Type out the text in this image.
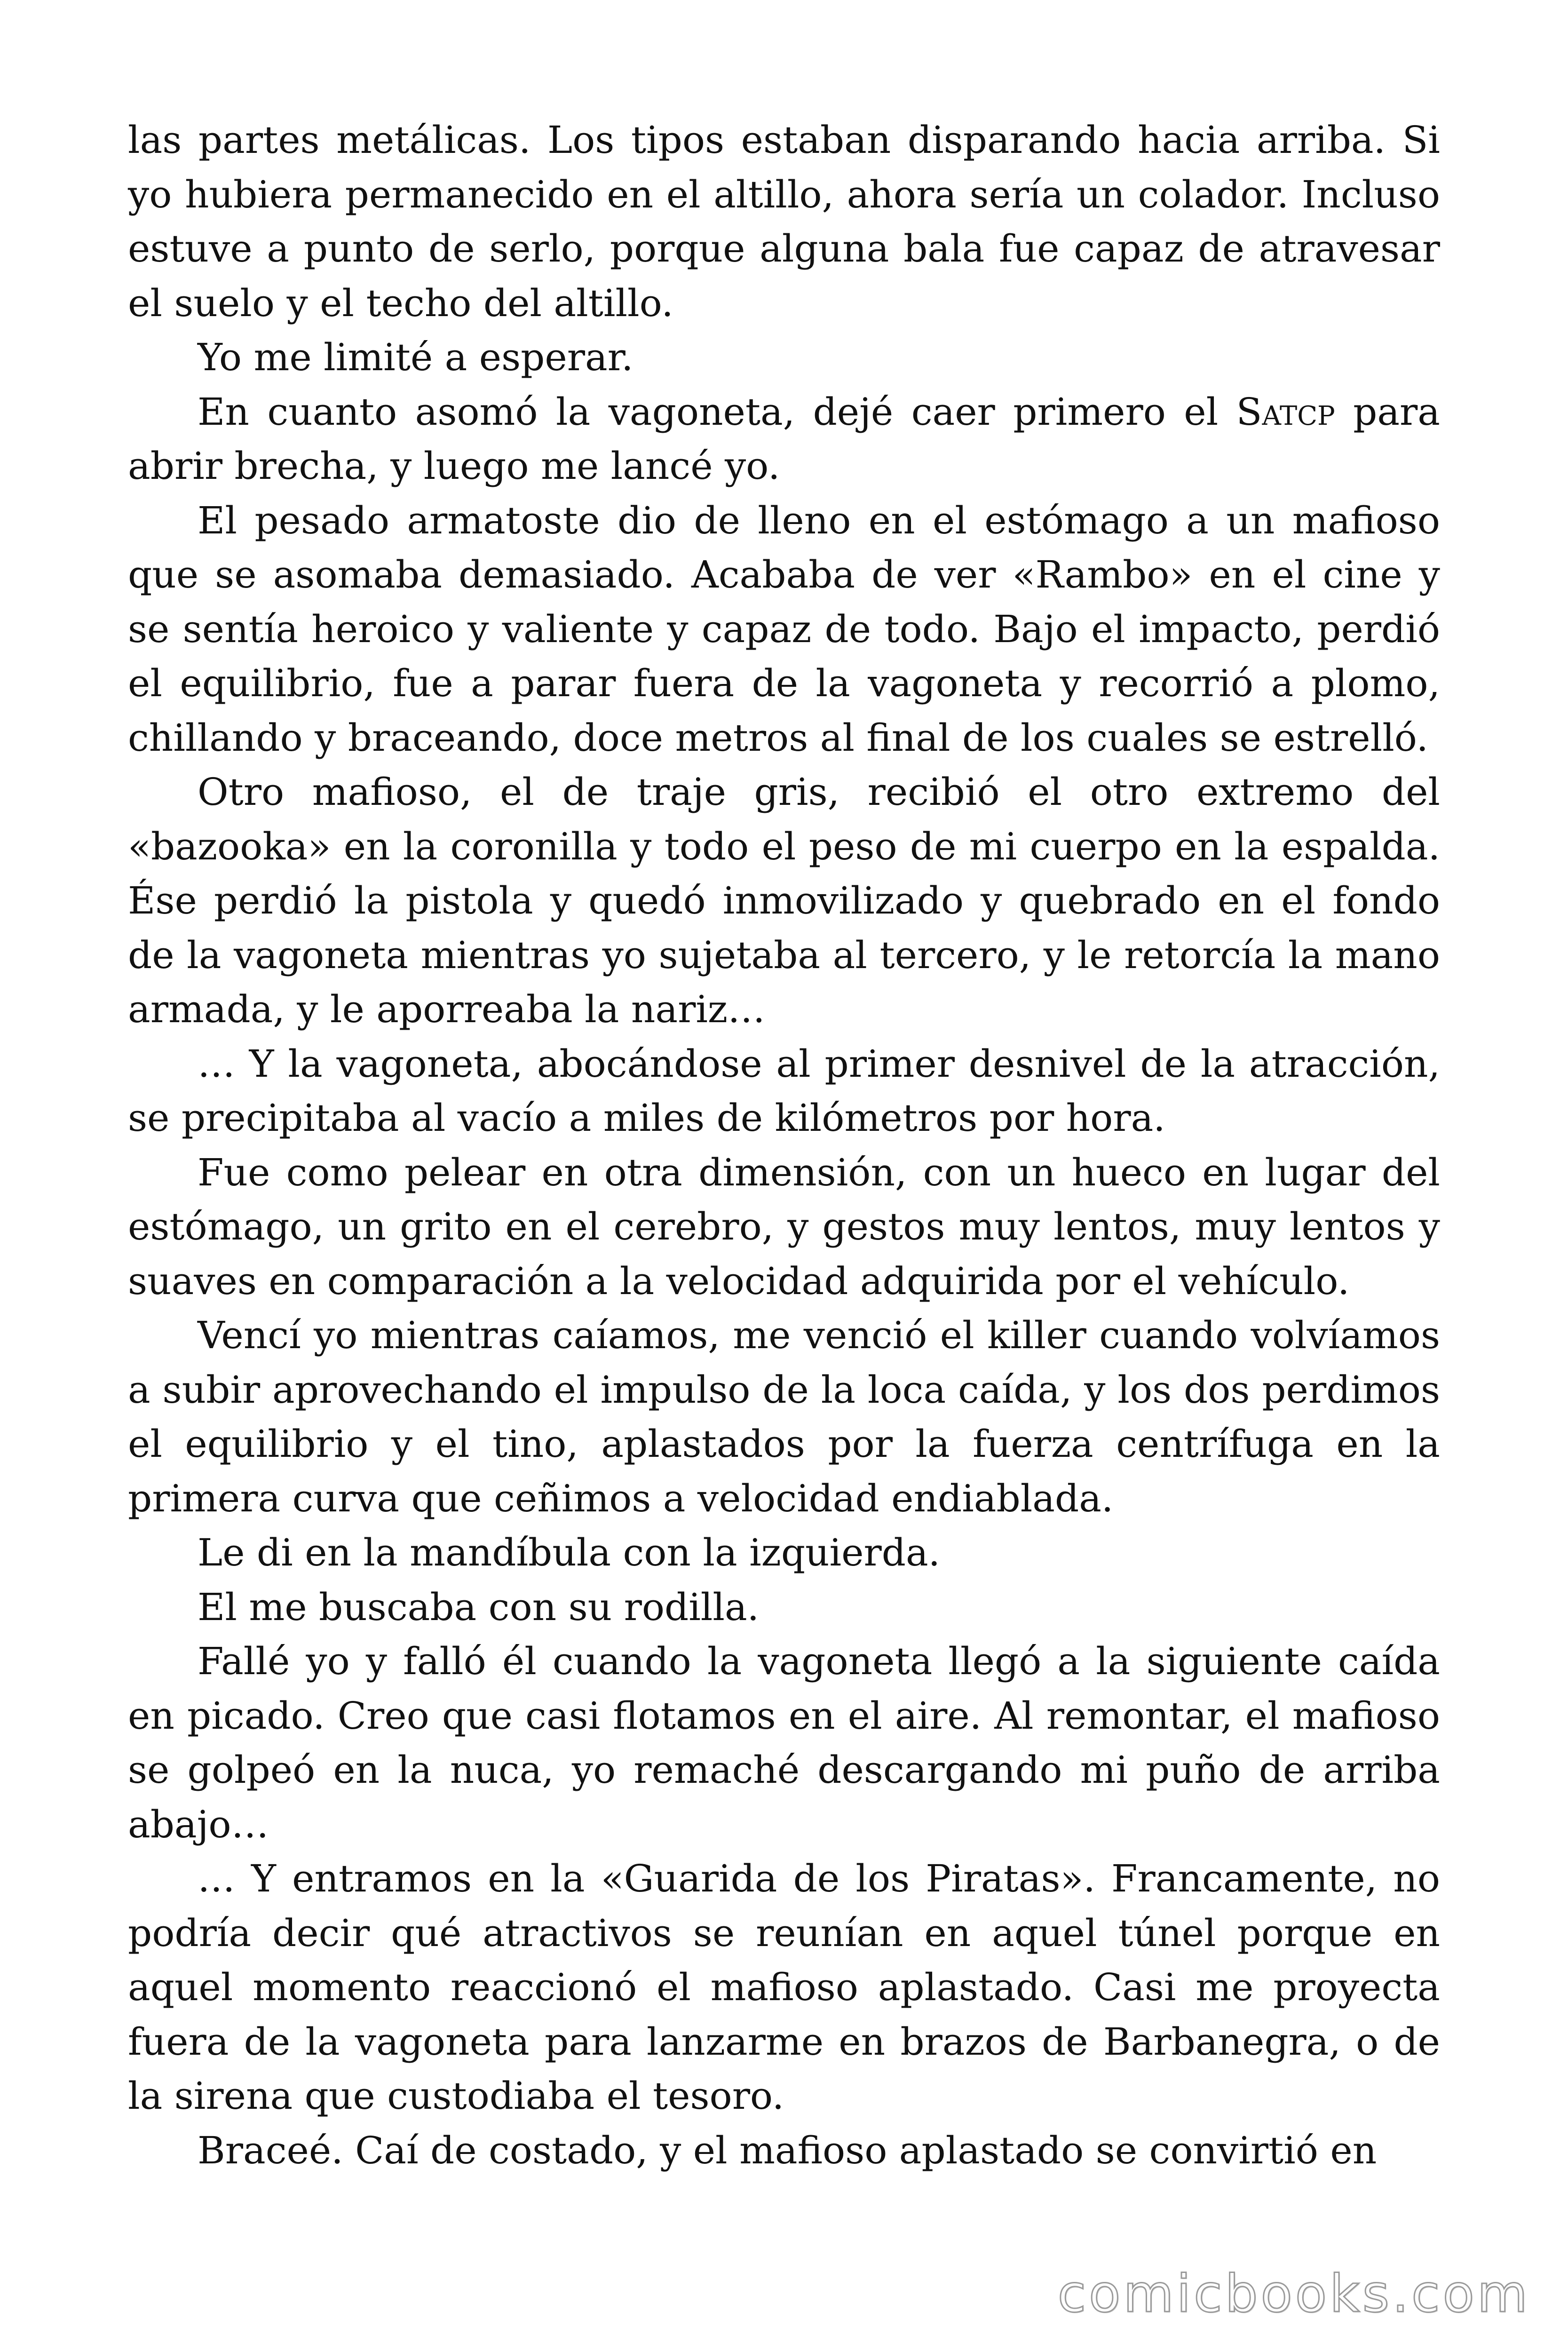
las partes metálicas. Los tipos estaban disparando hacia arriba. Si yo hubiera permanecido en el altillo, ahora sería un colador. Incluso estuve a punto de serlo, porque alguna bala fue capaz de atravesar el suelo y el techo del altillo.

Yo me limité a esperar.

En cuanto asomó la vagoneta, dejé caer primero el Satcp para abrir brecha, y luego me lancé yo.

El pesado armatoste dio de lleno en el estómago a un mafioso que se asomaba demasiado. Acababa de ver «Rambo» en el cine y se sentía heroico y valiente y capaz de todo. Bajo el impacto, perdió el equilibrio, fue a parar fuera de la vagoneta y recorrió a plomo, chillando y braceando, doce metros al final de los cuales se estrelló.

Otro mafioso, el de traje gris, recibió el otro extremo del «bazooka» en la coronilla y todo el peso de mi cuerpo en la espalda. Ése perdió la pistola y quedó inmovilizado y quebrado en el fondo de la vagoneta mientras yo sujetaba al tercero, y le retorcía la mano armada, y le aporreaba la nariz…

… Y la vagoneta, abocándose al primer desnivel de la atracción, se precipitaba al vacío a miles de kilómetros por hora.

Fue como pelear en otra dimensión, con un hueco en lugar del estómago, un grito en el cerebro, y gestos muy lentos, muy lentos y suaves en comparación a la velocidad adquirida por el vehículo.

Vencí yo mientras caíamos, me venció el killer cuando volvíamos a subir aprovechando el impulso de la loca caída, y los dos perdimos el equilibrio y el tino, aplastados por la fuerza centrífuga en la primera curva que ceñimos a velocidad endiablada.

Le di en la mandíbula con la izquierda.

El me buscaba con su rodilla.

Fallé yo y falló él cuando la vagoneta llegó a la siguiente caída en picado. Creo que casi flotamos en el aire. Al remontar, el mafioso se golpeó en la nuca, yo remaché descargando mi puño de arriba abajo…

… Y entramos en la «Guarida de los Piratas». Francamente, no podría decir qué atractivos se reunían en aquel túnel porque en aquel momento reaccionó el mafioso aplastado. Casi me proyecta fuera de la vagoneta para lanzarme en brazos de Barbanegra, o de la sirena que custodiaba el tesoro.

Braceé. Caí de costado, y el mafioso aplastado se convirtió en

comicbooks.com
